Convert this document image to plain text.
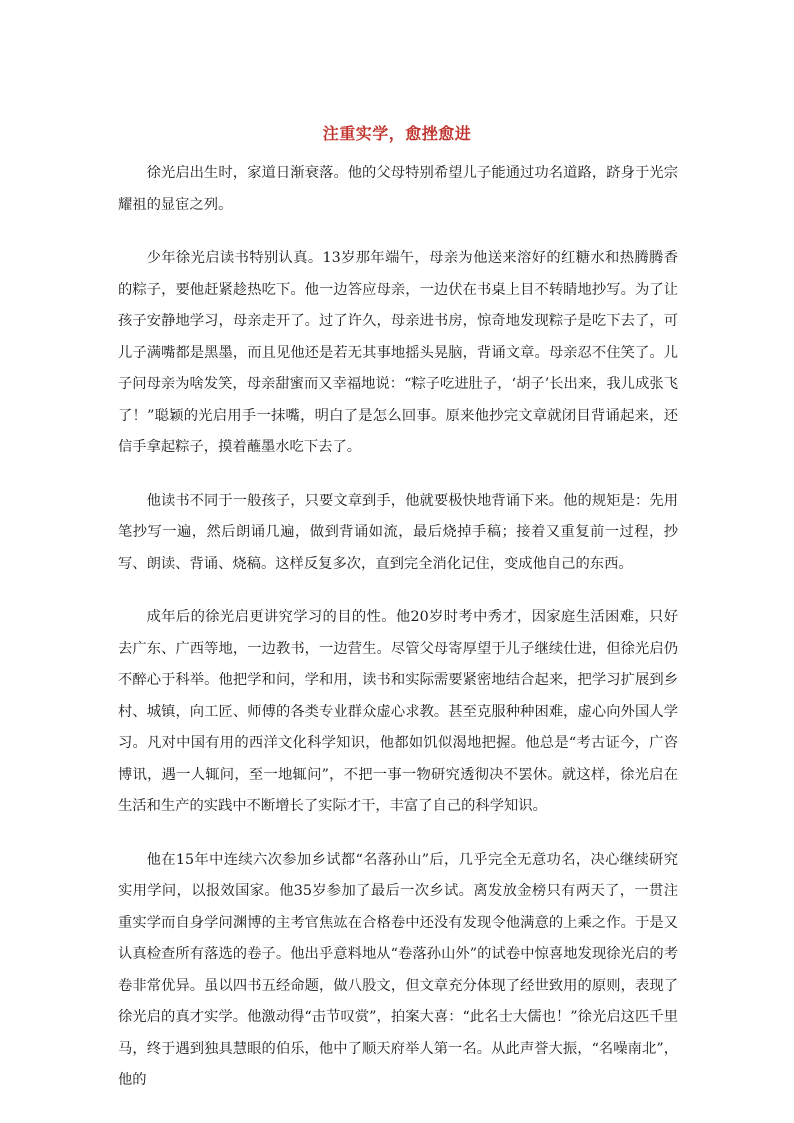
注重实学，愈挫愈进

徐光启出生时，家道日渐衰落。他的父母特别希望儿子能通过功名道路，跻身于光宗耀祖的显宦之列。

少年徐光启读书特别认真。13岁那年端午，母亲为他送来溶好的红糖水和热腾腾香的粽子，要他赶紧趁热吃下。他一边答应母亲，一边伏在书桌上目不转睛地抄写。为了让孩子安静地学习，母亲走开了。过了许久，母亲进书房，惊奇地发现粽子是吃下去了，可儿子满嘴都是黑墨，而且见他还是若无其事地摇头晃脑，背诵文章。母亲忍不住笑了。儿子问母亲为啥发笑，母亲甜蜜而又幸福地说：“粽子吃进肚子，‘胡子’长出来，我儿成张飞了！”聪颖的光启用手一抹嘴，明白了是怎么回事。原来他抄完文章就闭目背诵起来，还信手拿起粽子，摸着蘸墨水吃下去了。

他读书不同于一般孩子，只要文章到手，他就要极快地背诵下来。他的规矩是：先用笔抄写一遍，然后朗诵几遍，做到背诵如流，最后烧掉手稿；接着又重复前一过程，抄写、朗读、背诵、烧稿。这样反复多次，直到完全消化记住，变成他自己的东西。

成年后的徐光启更讲究学习的目的性。他20岁时考中秀才，因家庭生活困难，只好去广东、广西等地，一边教书，一边营生。尽管父母寄厚望于儿子继续仕进，但徐光启仍不醉心于科举。他把学和问，学和用，读书和实际需要紧密地结合起来，把学习扩展到乡村、城镇，向工匠、师傅的各类专业群众虚心求教。甚至克服种种困难，虚心向外国人学习。凡对中国有用的西洋文化科学知识，他都如饥似渴地把握。他总是“考古证今，广咨博讯，遇一人辄问，至一地辄问”，不把一事一物研究透彻决不罢休。就这样，徐光启在生活和生产的实践中不断增长了实际才干，丰富了自己的科学知识。

他在15年中连续六次参加乡试都“名落孙山”后，几乎完全无意功名，决心继续研究实用学问，以报效国家。他35岁参加了最后一次乡试。离发放金榜只有两天了，一贯注重实学而自身学问渊博的主考官焦竑在合格卷中还没有发现令他满意的上乘之作。于是又认真检查所有落选的卷子。他出乎意料地从“卷落孙山外”的试卷中惊喜地发现徐光启的考卷非常优异。虽以四书五经命题，做八股文，但文章充分体现了经世致用的原则，表现了徐光启的真才实学。他激动得“击节叹赏”，拍案大喜：“此名士大儒也！”徐光启这匹千里马，终于遇到独具慧眼的伯乐，他中了顺天府举人第一名。从此声誉大振，“名噪南北”，他的
